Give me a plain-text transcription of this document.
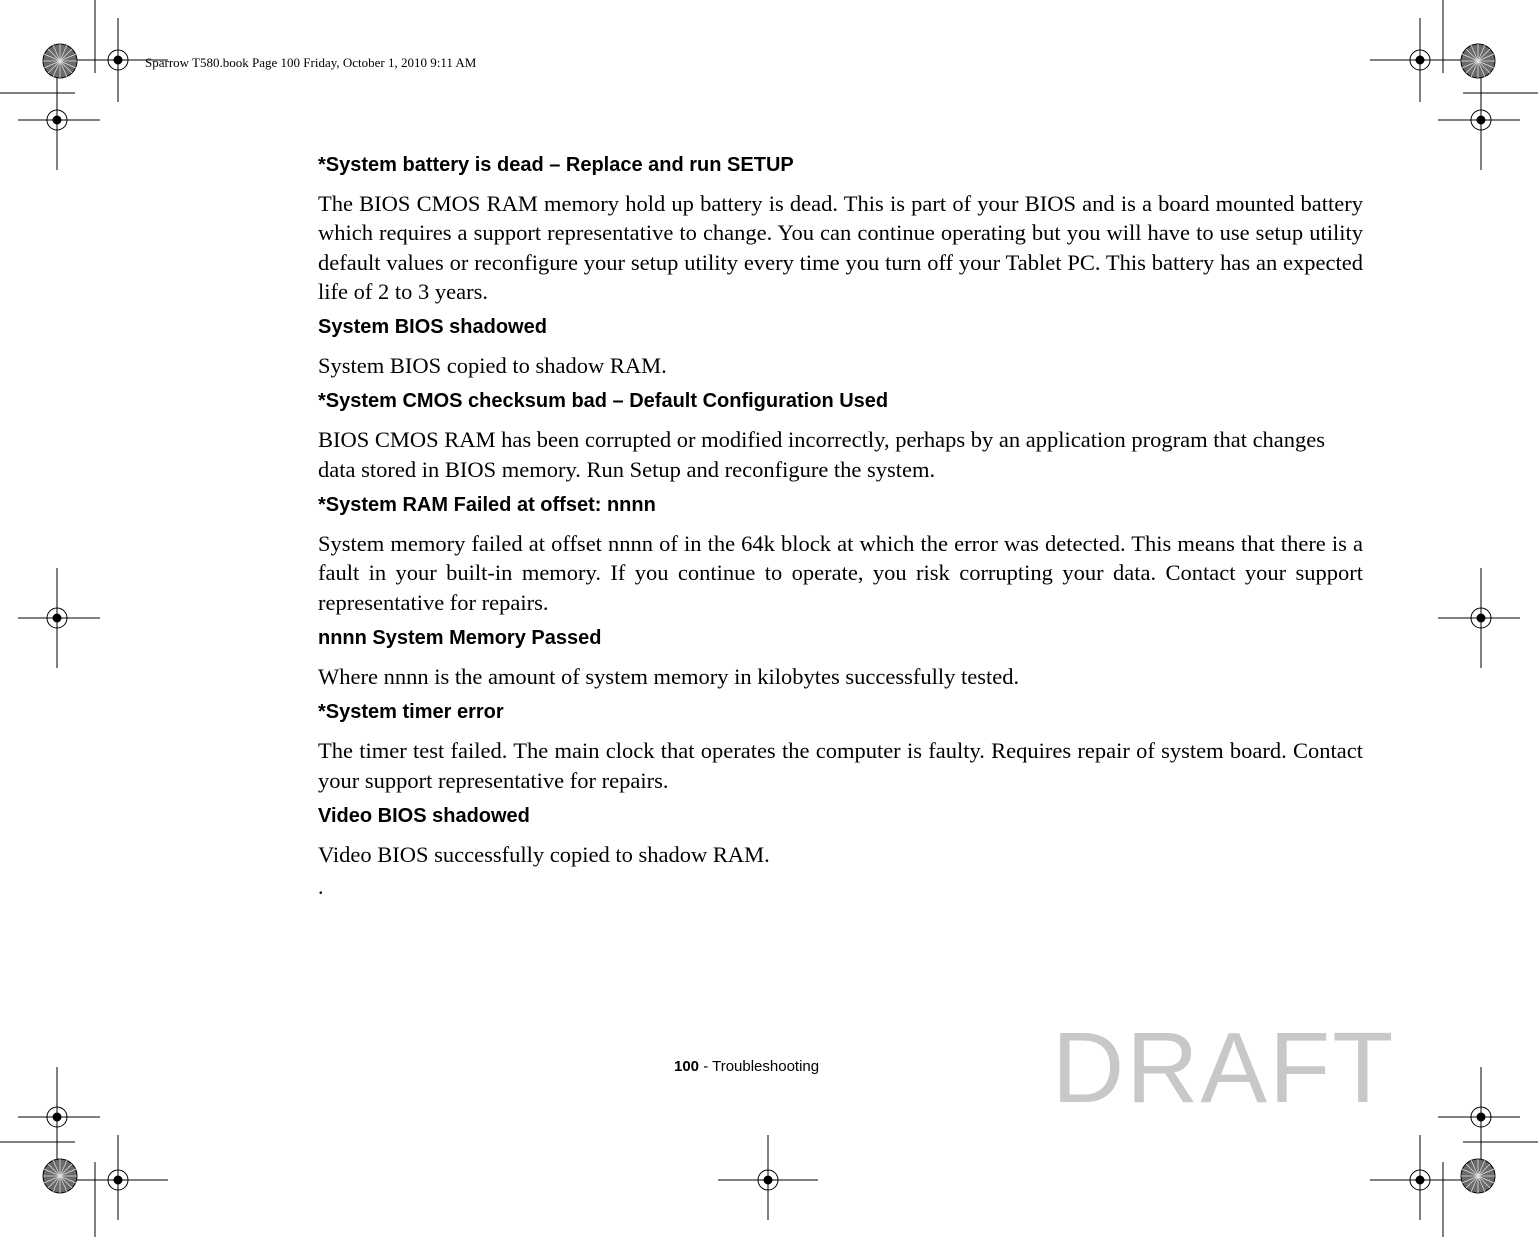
Sparrow T580.book Page 100 Friday, October 1, 2010 9:11 AM

*System battery is dead – Replace and run SETUP

The BIOS CMOS RAM memory hold up battery is dead. This is part of your BIOS and is a board mounted battery which requires a support representative to change. You can continue operating but you will have to use setup utility default values or reconfigure your setup utility every time you turn off your Tablet PC. This battery has an expected life of 2 to 3 years.

System BIOS shadowed

System BIOS copied to shadow RAM.

*System CMOS checksum bad – Default Configuration Used

BIOS CMOS RAM has been corrupted or modified incorrectly, perhaps by an application program that changes data stored in BIOS memory. Run Setup and reconfigure the system.

*System RAM Failed at offset: nnnn

System memory failed at offset nnnn of in the 64k block at which the error was detected. This means that there is a fault in your built-in memory. If you continue to operate, you risk corrupting your data. Contact your support representative for repairs.

nnnn System Memory Passed

Where nnnn is the amount of system memory in kilobytes successfully tested.

*System timer error

The timer test failed. The main clock that operates the computer is faulty. Requires repair of system board. Contact your support representative for repairs.

Video BIOS shadowed

Video BIOS successfully copied to shadow RAM.

.

100 - Troubleshooting DRAFT
